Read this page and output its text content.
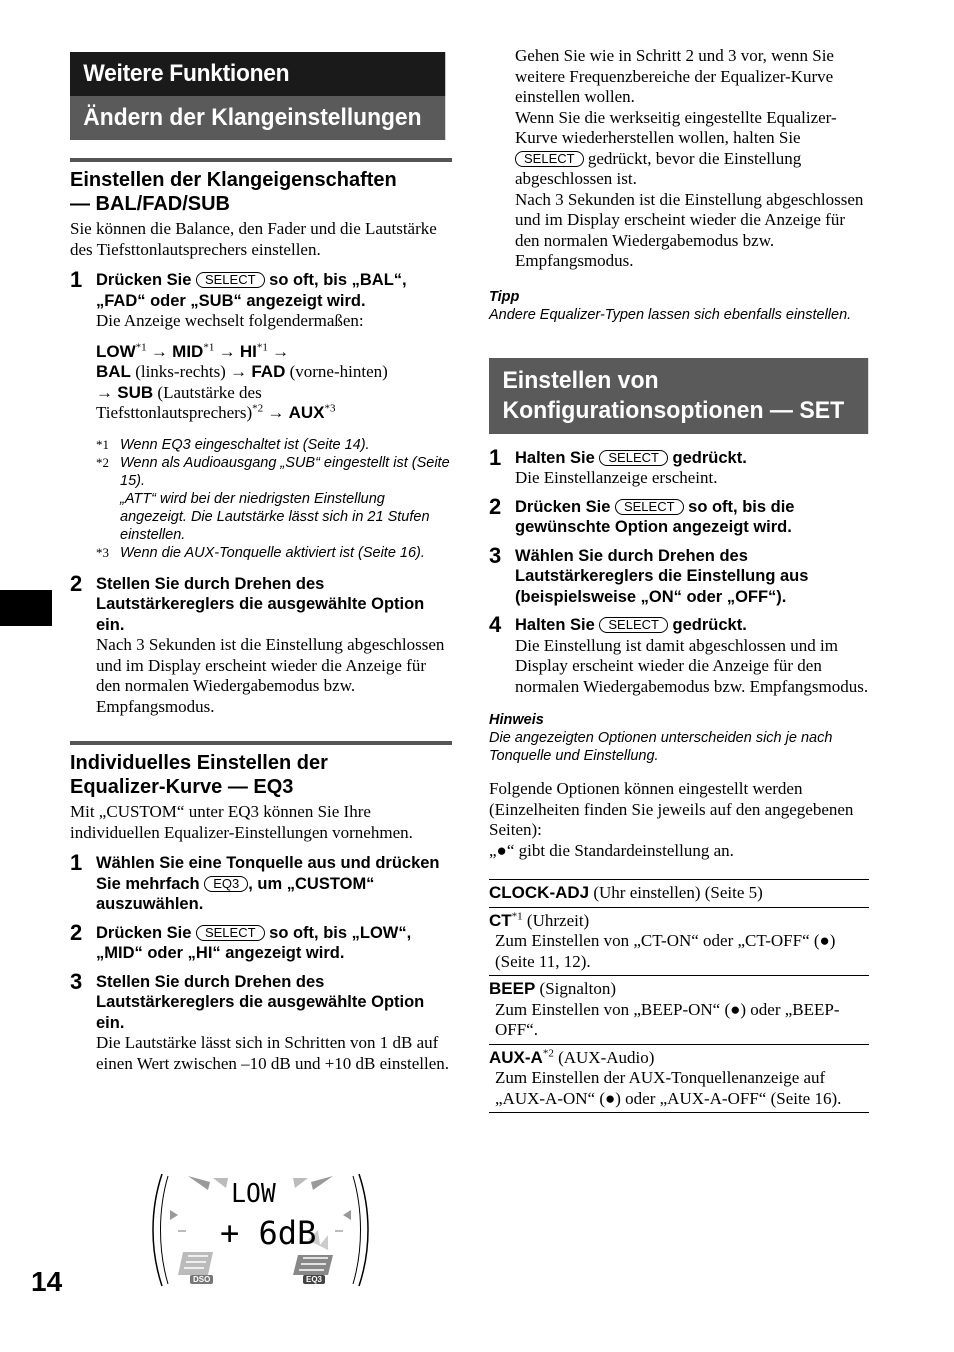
Weitere Funktionen
Ändern der Klangeinstellungen
Einstellen der Klangeigenschaften
— BAL/FAD/SUB
Sie können die Balance, den Fader und die Lautstärke des Tiefsttonlautsprechers einstellen.
1 Drücken Sie SELECT so oft, bis „BAL“, „FAD“ oder „SUB“ angezeigt wird.
Die Anzeige wechselt folgendermaßen:
$LOW^{*1} \to MID^{*1} \to HI^{*1}$ →
BAL (links-rechts) → FAD (vorne-hinten)
→ SUB (Lautstärke des
Tiefsttonlautsprechers)$^{*2}$ → $AUX^{*3}$
*1 Wenn EQ3 eingeschaltet ist (Seite 14).
*2 Wenn als Audioausgang „SUB“ eingestellt ist (Seite 15).
„ATT“ wird bei der niedrigsten Einstellung angezeigt. Die Lautstärke lässt sich in 21 Stufen einstellen.
*3 Wenn die AUX-Tonquelle aktiviert ist (Seite 16).
2 Stellen Sie durch Drehen des Lautstärkereglers die ausgewählte Option ein.
Nach 3 Sekunden ist die Einstellung abgeschlossen und im Display erscheint wieder die Anzeige für den normalen Wiedergabemodus bzw. Empfangsmodus.
Individuelles Einstellen der
Equalizer-Kurve — EQ3
Mit „CUSTOM“ unter EQ3 können Sie Ihre individuellen Equalizer-Einstellungen vornehmen.
1 Wählen Sie eine Tonquelle aus und drücken Sie mehrfach EQ3 , um „CUSTOM“ auszuwählen.
2 Drücken Sie SELECT so oft, bis „LOW“, „MID“ oder „HI“ angezeigt wird.
3 Stellen Sie durch Drehen des Lautstärkereglers die ausgewählte Option ein.
Die Lautstärke lässt sich in Schritten von 1 dB auf einen Wert zwischen –10 dB und +10 dB einstellen.
LOW
+ 6dB
DSO	EQ3
Gehen Sie wie in Schritt 2 und 3 vor, wenn Sie weitere Frequenzbereiche der Equalizer-Kurve einstellen wollen.
Wenn Sie die werkseitig eingestellte Equalizer-Kurve wiederherstellen wollen, halten Sie SELECT gedrückt, bevor die Einstellung abgeschlossen ist.
Nach 3 Sekunden ist die Einstellung abgeschlossen und im Display erscheint wieder die Anzeige für den normalen Wiedergabemodus bzw. Empfangsmodus.
Tipp
Andere Equalizer-Typen lassen sich ebenfalls einstellen.
Einstellen von
Konfigurationsoptionen — SET
1 Halten Sie SELECT gedrückt.
Die Einstellanzeige erscheint.
2 Drücken Sie SELECT so oft, bis die gewünschte Option angezeigt wird.
3 Wählen Sie durch Drehen des Lautstärkereglers die Einstellung aus (beispielsweise „ON“ oder „OFF“).
4 Halten Sie SELECT gedrückt.
Die Einstellung ist damit abgeschlossen und im Display erscheint wieder die Anzeige für den normalen Wiedergabemodus bzw. Empfangsmodus.
Hinweis
Die angezeigten Optionen unterscheiden sich je nach Tonquelle und Einstellung.
Folgende Optionen können eingestellt werden (Einzelheiten finden Sie jeweils auf den angegebenen Seiten):
„●“ gibt die Standardeinstellung an.
CLOCK-ADJ (Uhr einstellen) (Seite 5)
CT$^{*1}$ (Uhrzeit)
Zum Einstellen von „CT-ON“ oder „CT-OFF“ (●) (Seite 11, 12).
BEEP (Signalton)
Zum Einstellen von „BEEP-ON“ (●) oder „BEEP-OFF“.
AUX-$A^{*2}$ (AUX-Audio)
Zum Einstellen der AUX-Tonquellenanzeige auf „AUX-A-ON“ (●) oder „AUX-A-OFF“ (Seite 16).
14
